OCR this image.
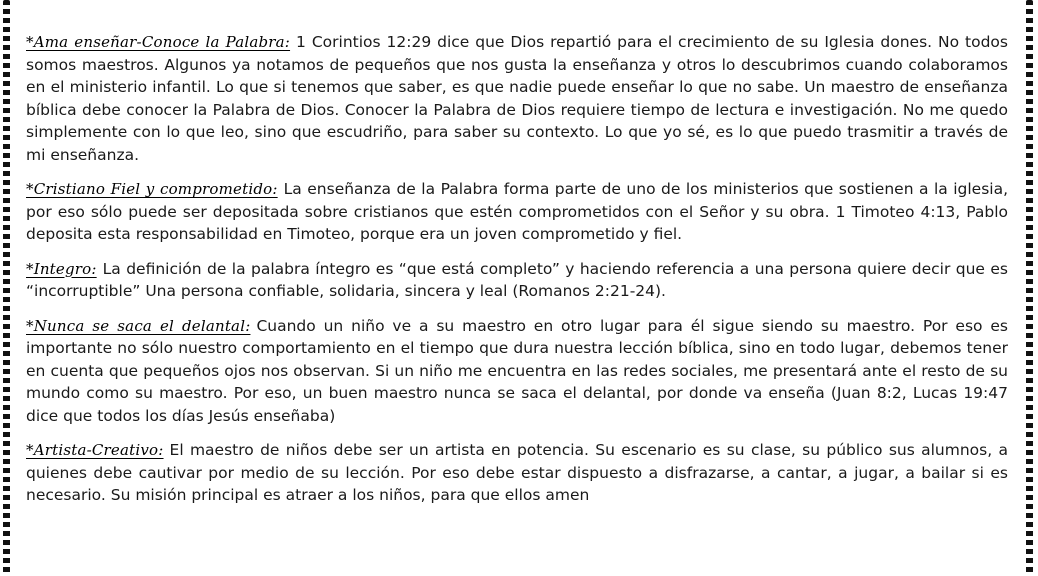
*Ama enseñar-Conoce la Palabra: 1 Corintios 12:29 dice que Dios repartió para el crecimiento de su Iglesia dones. No todos somos maestros. Algunos ya notamos de pequeños que nos gusta la enseñanza y otros lo descubrimos cuando colaboramos en el ministerio infantil. Lo que si tenemos que saber, es que nadie puede enseñar lo que no sabe. Un maestro de enseñanza bíblica debe conocer la Palabra de Dios. Conocer la Palabra de Dios requiere tiempo de lectura e investigación. No me quedo simplemente con lo que leo, sino que escudriño, para saber su contexto. Lo que yo sé, es lo que puedo trasmitir a través de mi enseñanza.

*Cristiano Fiel y comprometido: La enseñanza de la Palabra forma parte de uno de los ministerios que sostienen a la iglesia, por eso sólo puede ser depositada sobre cristianos que estén comprometidos con el Señor y su obra. 1 Timoteo 4:13, Pablo deposita esta responsabilidad en Timoteo, porque era un joven comprometido y fiel.

*Integro: La definición de la palabra íntegro es “que está completo” y haciendo referencia a una persona quiere decir que es “incorruptible” Una persona confiable, solidaria, sincera y leal (Romanos 2:21-24).

*Nunca se saca el delantal: Cuando un niño ve a su maestro en otro lugar para él sigue siendo su maestro. Por eso es importante no sólo nuestro comportamiento en el tiempo que dura nuestra lección bíblica, sino en todo lugar, debemos tener en cuenta que pequeños ojos nos observan. Si un niño me encuentra en las redes sociales, me presentará ante el resto de su mundo como su maestro. Por eso, un buen maestro nunca se saca el delantal, por donde va enseña (Juan 8:2, Lucas 19:47 dice que todos los días Jesús enseñaba)

*Artista-Creativo: El maestro de niños debe ser un artista en potencia. Su escenario es su clase, su público sus alumnos, a quienes debe cautivar por medio de su lección. Por eso debe estar dispuesto a disfrazarse, a cantar, a jugar, a bailar si es necesario. Su misión principal es atraer a los niños, para que ellos amen
